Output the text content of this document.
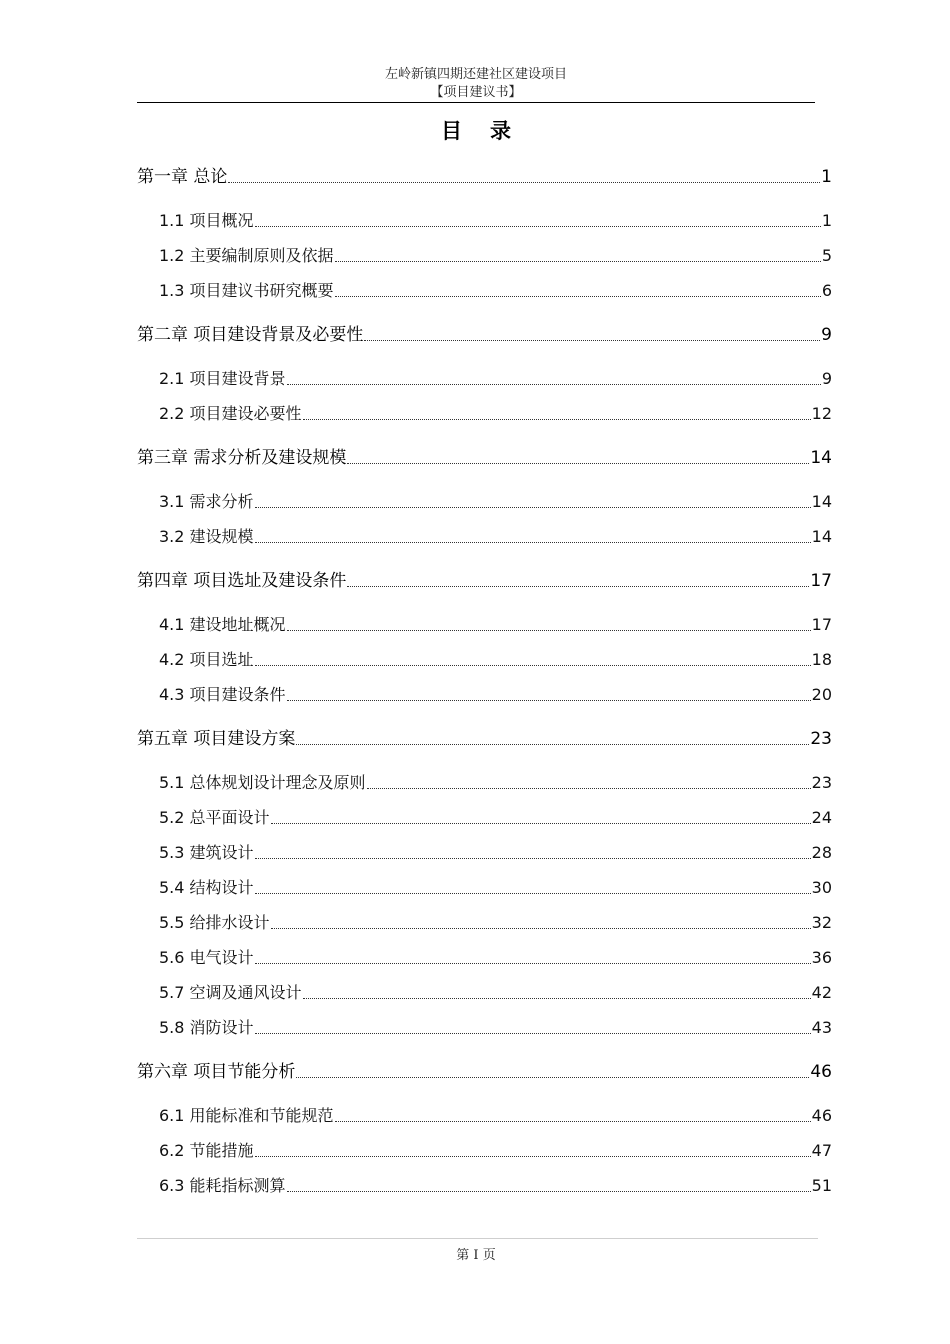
左岭新镇四期还建社区建设项目
【项目建议书】
目录
第一章 总论	1
1.1 项目概况	1
1.2 主要编制原则及依据	5
1.3 项目建议书研究概要	6
第二章 项目建设背景及必要性	9
2.1 项目建设背景	9
2.2 项目建设必要性	12
第三章 需求分析及建设规模	14
3.1 需求分析	14
3.2 建设规模	14
第四章 项目选址及建设条件	17
4.1 建设地址概况	17
4.2 项目选址	18
4.3 项目建设条件	20
第五章 项目建设方案	23
5.1 总体规划设计理念及原则	23
5.2 总平面设计	24
5.3 建筑设计	28
5.4 结构设计	30
5.5 给排水设计	32
5.6 电气设计	36
5.7 空调及通风设计	42
5.8 消防设计	43
第六章 项目节能分析	46
6.1 用能标准和节能规范	46
6.2 节能措施	47
6.3 能耗指标测算	51
第 I 页
